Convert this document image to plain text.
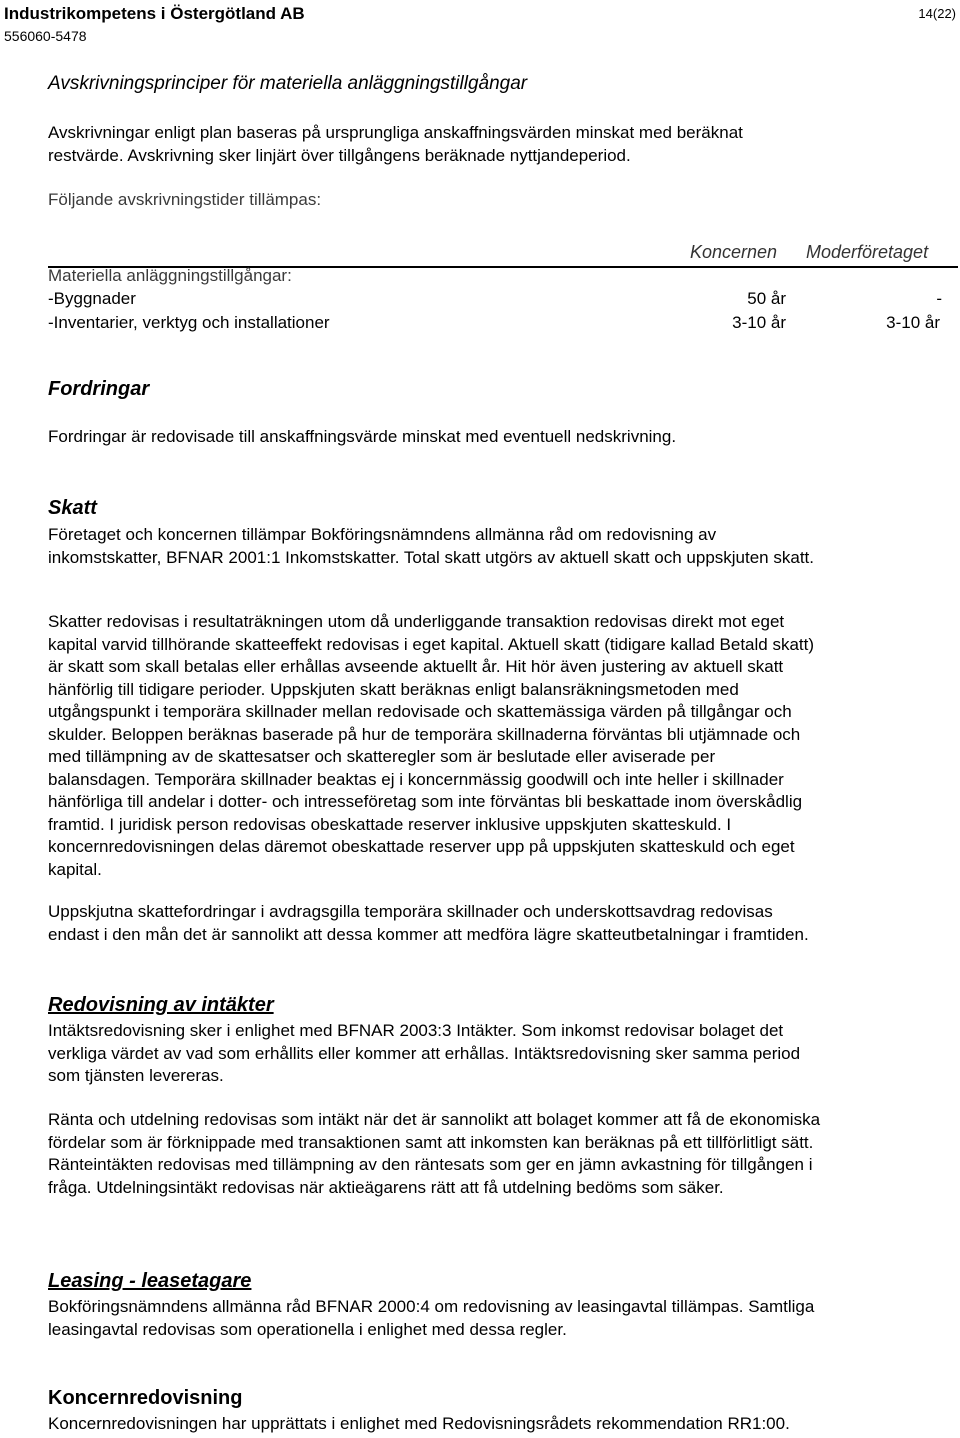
Industrikompetens i Östergötland AB
556060-5478
14(22)

Avskrivningsprinciper för materiella anläggningstillgångar

Avskrivningar enligt plan baseras på ursprungliga anskaffningsvärden minskat med beräknat
restvärde. Avskrivning sker linjärt över tillgångens beräknade nyttjandeperiod.
Följande avskrivningstider tillämpas:
Koncernen Moderföretaget
Materiella anläggningstillgångar:
-Byggnader	50 år	-
-Inventarier, verktyg och installationer	3-10 år	3-10 år

Fordringar

Fordringar är redovisade till anskaffningsvärde minskat med eventuell nedskrivning.

Skatt

Företaget och koncernen tillämpar Bokföringsnämndens allmänna råd om redovisning av
inkomstskatter, BFNAR 2001:1 Inkomstskatter. Total skatt utgörs av aktuell skatt och uppskjuten skatt.
Skatter redovisas i resultaträkningen utom då underliggande transaktion redovisas direkt mot eget
kapital varvid tillhörande skatteeffekt redovisas i eget kapital. Aktuell skatt (tidigare kallad Betald skatt)
är skatt som skall betalas eller erhållas avseende aktuellt år. Hit hör även justering av aktuell skatt
hänförlig till tidigare perioder. Uppskjuten skatt beräknas enligt balansräkningsmetoden med
utgångspunkt i temporära skillnader mellan redovisade och skattemässiga värden på tillgångar och
skulder. Beloppen beräknas baserade på hur de temporära skillnaderna förväntas bli utjämnade och
med tillämpning av de skattesatser och skatteregler som är beslutade eller aviserade per
balansdagen. Temporära skillnader beaktas ej i koncernmässig goodwill och inte heller i skillnader
hänförliga till andelar i dotter- och intresseföretag som inte förväntas bli beskattade inom överskådlig
framtid. I juridisk person redovisas obeskattade reserver inklusive uppskjuten skatteskuld. I
koncernredovisningen delas däremot obeskattade reserver upp på uppskjuten skatteskuld och eget
kapital.
Uppskjutna skattefordringar i avdragsgilla temporära skillnader och underskottsavdrag redovisas
endast i den mån det är sannolikt att dessa kommer att medföra lägre skatteutbetalningar i framtiden.

Redovisning av intäkter

Intäktsredovisning sker i enlighet med BFNAR 2003:3 Intäkter. Som inkomst redovisar bolaget det
verkliga värdet av vad som erhållits eller kommer att erhållas. Intäktsredovisning sker samma period
som tjänsten levereras.
Ränta och utdelning redovisas som intäkt när det är sannolikt att bolaget kommer att få de ekonomiska
fördelar som är förknippade med transaktionen samt att inkomsten kan beräknas på ett tillförlitligt sätt.
Ränteintäkten redovisas med tillämpning av den räntesats som ger en jämn avkastning för tillgången i
fråga. Utdelningsintäkt redovisas när aktieägarens rätt att få utdelning bedöms som säker.

Leasing - leasetagare

Bokföringsnämndens allmänna råd BFNAR 2000:4 om redovisning av leasingavtal tillämpas. Samtliga
leasingavtal redovisas som operationella i enlighet med dessa regler.

Koncernredovisning

Koncernredovisningen har upprättats i enlighet med Redovisningsrådets rekommendation RR1:00.
